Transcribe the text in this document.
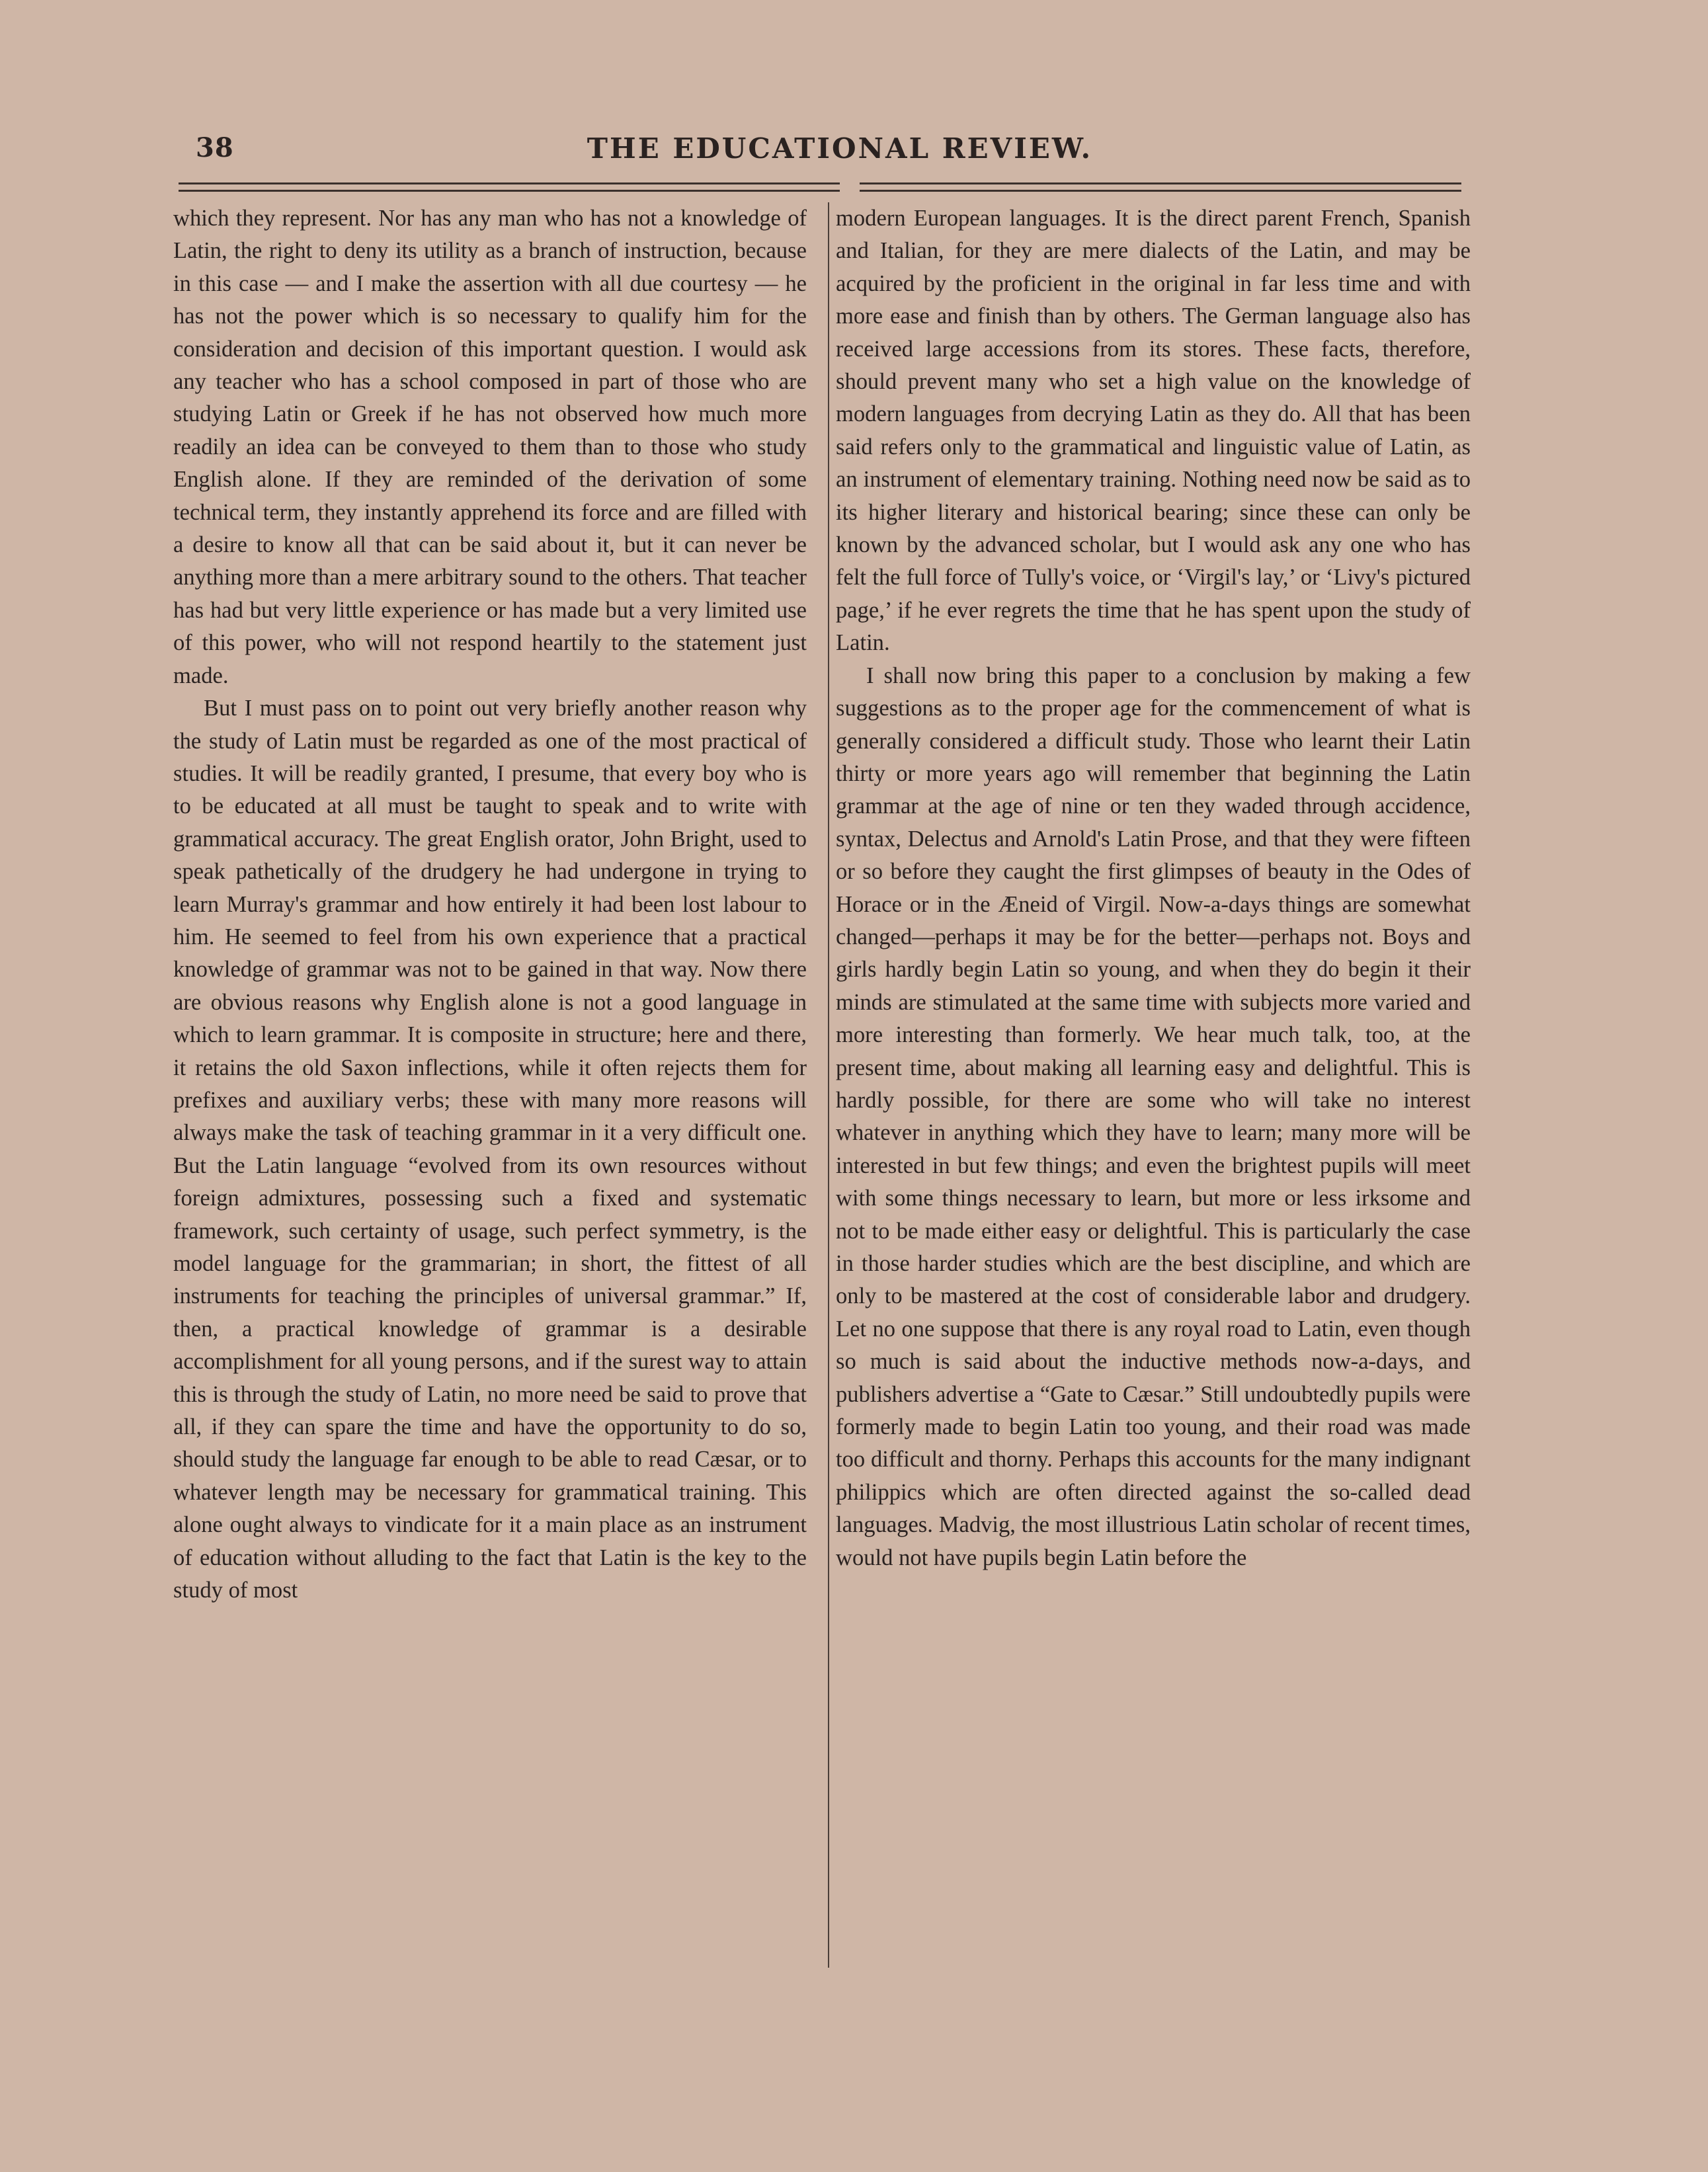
38	THE EDUCATIONAL REVIEW.

which they represent. Nor has any man who has not a knowledge of Latin, the right to deny its utility as a branch of instruction, because in this case — and I make the assertion with all due courtesy — he has not the power which is so necessary to qualify him for the consideration and decision of this important question. I would ask any teacher who has a school composed in part of those who are studying Latin or Greek if he has not observed how much more readily an idea can be conveyed to them than to those who study English alone. If they are reminded of the derivation of some technical term, they instantly apprehend its force and are filled with a desire to know all that can be said about it, but it can never be anything more than a mere arbitrary sound to the others. That teacher has had but very little experience or has made but a very limited use of this power, who will not respond heartily to the statement just made.

But I must pass on to point out very briefly another reason why the study of Latin must be regarded as one of the most practical of studies. It will be readily granted, I presume, that every boy who is to be educated at all must be taught to speak and to write with grammatical accuracy. The great English orator, John Bright, used to speak pathetically of the drudgery he had undergone in trying to learn Murray's grammar and how entirely it had been lost labour to him. He seemed to feel from his own experience that a practical knowledge of grammar was not to be gained in that way. Now there are obvious reasons why English alone is not a good language in which to learn grammar. It is composite in structure; here and there, it retains the old Saxon inflections, while it often rejects them for prefixes and auxiliary verbs; these with many more reasons will always make the task of teaching grammar in it a very difficult one. But the Latin language “evolved from its own resources without foreign admixtures, possessing such a fixed and systematic framework, such certainty of usage, such perfect symmetry, is the model language for the grammarian; in short, the fittest of all instruments for teaching the principles of universal grammar.” If, then, a practical knowledge of grammar is a desirable accomplishment for all young persons, and if the surest way to attain this is through the study of Latin, no more need be said to prove that all, if they can spare the time and have the opportunity to do so, should study the language far enough to be able to read Cæsar, or to whatever length may be necessary for grammatical training. This alone ought always to vindicate for it a main place as an instrument of education without alluding to the fact that Latin is the key to the study of most

modern European languages. It is the direct parent French, Spanish and Italian, for they are mere dialects of the Latin, and may be acquired by the proficient in the original in far less time and with more ease and finish than by others. The German language also has received large accessions from its stores. These facts, therefore, should prevent many who set a high value on the knowledge of modern languages from decrying Latin as they do. All that has been said refers only to the grammatical and linguistic value of Latin, as an instrument of elementary training. Nothing need now be said as to its higher literary and historical bearing; since these can only be known by the advanced scholar, but I would ask any one who has felt the full force of Tully's voice, or ‘Virgil's lay,’ or ‘Livy's pictured page,’ if he ever regrets the time that he has spent upon the study of Latin.

I shall now bring this paper to a conclusion by making a few suggestions as to the proper age for the commencement of what is generally considered a difficult study. Those who learnt their Latin thirty or more years ago will remember that beginning the Latin grammar at the age of nine or ten they waded through accidence, syntax, Delectus and Arnold's Latin Prose, and that they were fifteen or so before they caught the first glimpses of beauty in the Odes of Horace or in the Æneid of Virgil. Now-a-days things are somewhat changed—perhaps it may be for the better—perhaps not. Boys and girls hardly begin Latin so young, and when they do begin it their minds are stimulated at the same time with subjects more varied and more interesting than formerly. We hear much talk, too, at the present time, about making all learning easy and delightful. This is hardly possible, for there are some who will take no interest whatever in anything which they have to learn; many more will be interested in but few things; and even the brightest pupils will meet with some things necessary to learn, but more or less irksome and not to be made either easy or delightful. This is particularly the case in those harder studies which are the best discipline, and which are only to be mastered at the cost of considerable labor and drudgery. Let no one suppose that there is any royal road to Latin, even though so much is said about the inductive methods now-a-days, and publishers advertise a “Gate to Cæsar.” Still undoubtedly pupils were formerly made to begin Latin too young, and their road was made too difficult and thorny. Perhaps this accounts for the many indignant philippics which are often directed against the so-called dead languages. Madvig, the most illustrious Latin scholar of recent times, would not have pupils begin Latin before the
